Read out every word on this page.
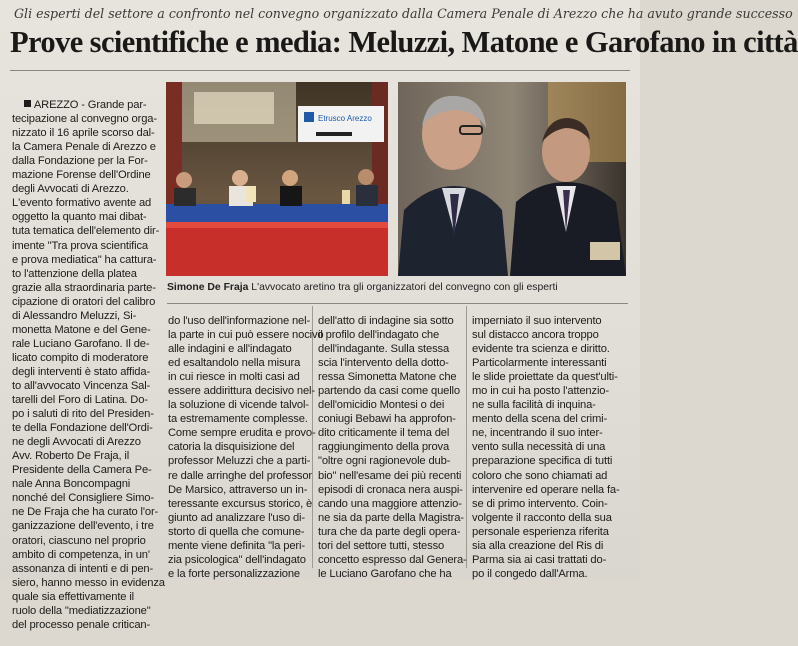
Gli esperti del settore a confronto nel convegno organizzato dalla Camera Penale di Arezzo che ha avuto grande successo
Prove scientifiche e media: Meluzzi, Matone e Garofano in città

AREZZO - Grande par-
tecipazione al convegno orga-
nizzato il 16 aprile scorso dal-
la Camera Penale di Arezzo e
dalla Fondazione per la For-
mazione Forense dell'Ordine
degli Avvocati di Arezzo.
L'evento formativo avente ad
oggetto la quanto mai dibat-
tuta tematica dell'elemento dir-
imente "Tra prova scientifica
e prova mediatica" ha cattura-
to l'attenzione della platea
grazie alla straordinaria parte-
cipazione di oratori del calibro
di Alessandro Meluzzi, Si-
monetta Matone e del Gene-
rale Luciano Garofano. Il de-
licato compito di moderatore
degli interventi è stato affida-
to all'avvocato Vincenza Sal-
tarelli del Foro di Latina. Do-
po i saluti di rito del Presiden-
te della Fondazione dell'Ordi-
ne degli Avvocati di Arezzo
Avv. Roberto De Fraja, il
Presidente della Camera Pe-
nale Anna Boncompagni
nonché del Consigliere Simo-
ne De Fraja che ha curato l'or-
ganizzazione dell'evento, i tre
oratori, ciascuno nel proprio
ambito di competenza, in un'
assonanza di intenti e di pen-
siero, hanno messo in evidenza
quale sia effettivamente il
ruolo della "mediatizzazione"
del processo penale critican-

Etrusco Arezzo
Simone De Fraja L'avvocato aretino tra gli organizzatori del convegno con gli esperti
do l'uso dell'informazione nel-
la parte in cui può essere nocivo
alle indagini e all'indagato
ed esaltandolo nella misura
in cui riesce in molti casi ad
essere addirittura decisivo nel-
la soluzione di vicende talvol-
ta estremamente complesse.
Come sempre erudita e provo-
catoria la disquisizione del
professor Meluzzi che a parti-
re dalle arringhe del professor
De Marsico, attraverso un in-
teressante excursus storico, è
giunto ad analizzare l'uso di-
storto di quella che comune-
mente viene definita "la peri-
zia psicologica" dell'indagato
e la forte personalizzazione
dell'atto di indagine sia sotto
il profilo dell'indagato che
dell'indagante. Sulla stessa
scia l'intervento della dotto-
ressa Simonetta Matone che
partendo da casi come quello
dell'omicidio Montesi o dei
coniugi Bebawi ha approfon-
dito criticamente il tema del
raggiungimento della prova
"oltre ogni ragionevole dub-
bio" nell'esame dei più recenti
episodi di cronaca nera auspi-
cando una maggiore attenzio-
ne sia da parte della Magistra-
tura che da parte degli opera-
tori del settore tutti, stesso
concetto espresso dal Genera-
le Luciano Garofano che ha
imperniato il suo intervento
sul distacco ancora troppo
evidente tra scienza e diritto.
Particolarmente interessanti
le slide proiettate da quest'ulti-
mo in cui ha posto l'attenzio-
ne sulla facilità di inquina-
mento della scena del crimi-
ne, incentrando il suo inter-
vento sulla necessità di una
preparazione specifica di tutti
coloro che sono chiamati ad
intervenire ed operare nella fa-
se di primo intervento. Coin-
volgente il racconto della sua
personale esperienza riferita
sia alla creazione del Ris di
Parma sia ai casi trattati do-
po il congedo dall'Arma.
